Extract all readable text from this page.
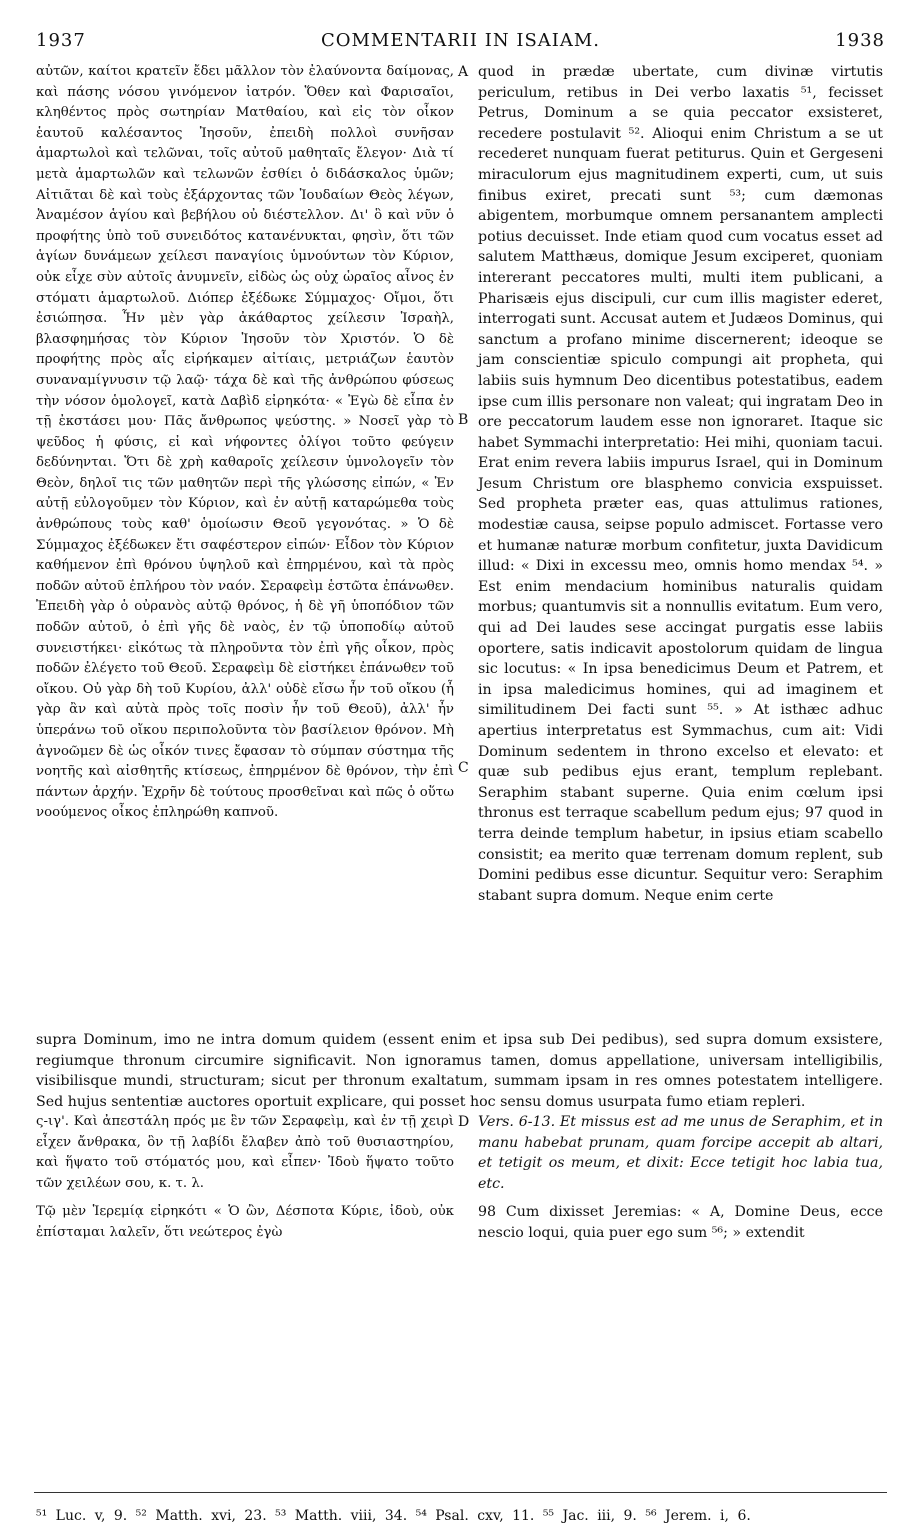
1937	COMMENTARII IN ISAIAM.	1938

αὐτῶν, καίτοι κρατεῖν ἔδει μᾶλλον τὸν ἐλαύνοντα δαίμονας, καὶ πάσης νόσου γινόμενον ἰατρόν. Ὅθεν καὶ Φαρισαῖοι, κληθέντος πρὸς σωτηρίαν Ματθαίου, καὶ εἰς τὸν οἶκον ἑαυτοῦ καλέσαντος Ἰησοῦν, ἐπειδὴ πολλοὶ συνῆσαν ἁμαρτωλοὶ καὶ τελῶναι, τοῖς αὐτοῦ μαθηταῖς ἔλεγον· Διὰ τί μετὰ ἁμαρτωλῶν καὶ τελωνῶν ἐσθίει ὁ διδάσκαλος ὑμῶν; Αἰτιᾶται δὲ καὶ τοὺς ἐξάρχοντας τῶν Ἰουδαίων Θεὸς λέγων, Ἀναμέσον ἁγίου καὶ βεβήλου οὐ διέστελλον. Δι' ὃ καὶ νῦν ὁ προφήτης ὑπὸ τοῦ συνειδότος κατανένυκται, φησὶν, ὅτι τῶν ἁγίων δυνάμεων χείλεσι παναγίοις ὑμνούντων τὸν Κύριον, οὐκ εἶχε σὺν αὐτοῖς ἀνυμνεῖν, εἰδὼς ὡς οὐχ ὡραῖος αἶνος ἐν στόματι ἁμαρτωλοῦ. Διόπερ ἐξέδωκε Σύμμαχος· Οἴμοι, ὅτι ἐσιώπησα. Ἦν μὲν γὰρ ἀκάθαρτος χείλεσιν Ἰσραὴλ, βλασφημήσας τὸν Κύριον Ἰησοῦν τὸν Χριστόν. Ὁ δὲ προφήτης πρὸς αἷς εἰρήκαμεν αἰτίαις, μετριάζων ἑαυτὸν συναναμίγνυσιν τῷ λαῷ· τάχα δὲ καὶ τῆς ἀνθρώπου φύσεως τὴν νόσον ὁμολογεῖ, κατὰ Δαβὶδ εἰρηκότα· « Ἐγὼ δὲ εἶπα ἐν τῇ ἐκστάσει μου· Πᾶς ἄνθρωπος ψεύστης. » Νοσεῖ γὰρ τὸ ψεῦδος ἡ φύσις, εἰ καὶ νήφοντες ὀλίγοι τοῦτο φεύγειν δεδύνηνται. Ὅτι δὲ χρὴ καθαροῖς χείλεσιν ὑμνολογεῖν τὸν Θεὸν, δηλοῖ τις τῶν μαθητῶν περὶ τῆς γλώσσης εἰπών, « Ἐν αὐτῇ εὐλογοῦμεν τὸν Κύριον, καὶ ἐν αὐτῇ καταρώμεθα τοὺς ἀνθρώπους τοὺς καθ' ὁμοίωσιν Θεοῦ γεγονότας. » Ὁ δὲ Σύμμαχος ἐξέδωκεν ἔτι σαφέστερον εἰπών· Εἶδον τὸν Κύριον καθήμενον ἐπὶ θρόνου ὑψηλοῦ καὶ ἐπηρμένου, καὶ τὰ πρὸς ποδῶν αὐτοῦ ἐπλήρου τὸν ναόν. Σεραφεὶμ ἑστῶτα ἐπάνωθεν. Ἐπειδὴ γὰρ ὁ οὐρανὸς αὐτῷ θρόνος, ἡ δὲ γῆ ὑποπόδιον τῶν ποδῶν αὐτοῦ, ὁ ἐπὶ γῆς δὲ ναὸς, ἐν τῷ ὑποποδίῳ αὐτοῦ συνειστήκει· εἰκότως τὰ πληροῦντα τὸν ἐπὶ γῆς οἶκον, πρὸς ποδῶν ἐλέγετο τοῦ Θεοῦ. Σεραφεὶμ δὲ εἱστήκει ἐπάνωθεν τοῦ οἴκου. Οὐ γὰρ δὴ τοῦ Κυρίου, ἀλλ' οὐδὲ εἴσω ἦν τοῦ οἴκου (ἦ γὰρ ἂν καὶ αὐτὰ πρὸς τοῖς ποσὶν ἦν τοῦ Θεοῦ), ἀλλ' ἦν ὑπεράνω τοῦ οἴκου περιπολοῦντα τὸν βασίλειον θρόνον. Μὴ ἀγνοῶμεν δὲ ὡς οἶκόν τινες ἔφασαν τὸ σύμπαν σύστημα τῆς νοητῆς καὶ αἰσθητῆς κτίσεως, ἐπηρμένον δὲ θρόνον, τὴν ἐπὶ πάντων ἀρχήν. Ἐχρῆν δὲ τούτους προσθεῖναι καὶ πῶς ὁ οὕτω νοούμενος οἶκος ἐπληρώθη καπνοῦ.

A
B
C
D

quod in prædæ ubertate, cum divinæ virtutis periculum, retibus in Dei verbo laxatis ⁵¹, fecisset Petrus, Dominum a se quia peccator exsisteret, recedere postulavit ⁵². Alioqui enim Christum a se ut recederet nunquam fuerat petiturus. Quin et Gergeseni miraculorum ejus magnitudinem experti, cum, ut suis finibus exiret, precati sunt ⁵³; cum dæmonas abigentem, morbumque omnem persanantem amplecti potius decuisset. Inde etiam quod cum vocatus esset ad salutem Matthæus, domique Jesum exciperet, quoniam intererant peccatores multi, multi item publicani, a Pharisæis ejus discipuli, cur cum illis magister ederet, interrogati sunt. Accusat autem et Judæos Dominus, qui sanctum a profano minime discernerent; ideoque se jam conscientiæ spiculo compungi ait propheta, qui labiis suis hymnum Deo dicentibus potestatibus, eadem ipse cum illis personare non valeat; qui ingratam Deo in ore peccatorum laudem esse non ignoraret. Itaque sic habet Symmachi interpretatio: Hei mihi, quoniam tacui. Erat enim revera labiis impurus Israel, qui in Dominum Jesum Christum ore blasphemo convicia exspuisset. Sed propheta præter eas, quas attulimus rationes, modestiæ causa, seipse populo admiscet. Fortasse vero et humanæ naturæ morbum confitetur, juxta Davidicum illud: « Dixi in excessu meo, omnis homo mendax ⁵⁴. » Est enim mendacium hominibus naturalis quidam morbus; quantumvis sit a nonnullis evitatum. Eum vero, qui ad Dei laudes sese accingat purgatis esse labiis oportere, satis indicavit apostolorum quidam de lingua sic locutus: « In ipsa benedicimus Deum et Patrem, et in ipsa maledicimus homines, qui ad imaginem et similitudinem Dei facti sunt ⁵⁵. » At isthæc adhuc apertius interpretatus est Symmachus, cum ait: Vidi Dominum sedentem in throno excelso et elevato: et quæ sub pedibus ejus erant, templum replebant. Seraphim stabant superne. Quia enim cœlum ipsi thronus est terraque scabellum pedum ejus; 97 quod in terra deinde templum habetur, in ipsius etiam scabello consistit; ea merito quæ terrenam domum replent, sub Domini pedibus esse dicuntur. Sequitur vero: Seraphim stabant supra domum. Neque enim certe

supra Dominum, imo ne intra domum quidem (essent enim et ipsa sub Dei pedibus), sed supra domum exsistere, regiumque thronum circumire significavit. Non ignoramus tamen, domus appellatione, universam intelligibilis, visibilisque mundi, structuram; sicut per thronum exaltatum, summam ipsam in res omnes potestatem intelligere. Sed hujus sententiæ auctores oportuit explicare, qui posset hoc sensu domus usurpata fumo etiam repleri.

ς-ιγ'. Καὶ ἀπεστάλη πρός με ἓν τῶν Σεραφεὶμ, καὶ ἐν τῇ χειρὶ εἶχεν ἄνθρακα, ὃν τῇ λαβίδι ἔλαβεν ἀπὸ τοῦ θυσιαστηρίου, καὶ ἥψατο τοῦ στόματός μου, καὶ εἶπεν· Ἰδοὺ ἥψατο τοῦτο τῶν χειλέων σου, κ. τ. λ.

Τῷ μὲν Ἱερεμίᾳ εἰρηκότι « Ὁ ὢν, Δέσποτα Κύριε, ἰδοὺ, οὐκ ἐπίσταμαι λαλεῖν, ὅτι νεώτερος ἐγὼ

Vers. 6-13. Et missus est ad me unus de Seraphim, et in manu habebat prunam, quam forcipe accepit ab altari, et tetigit os meum, et dixit: Ecce tetigit hoc labia tua, etc.

98 Cum dixisset Jeremias: « A, Domine Deus, ecce nescio loqui, quia puer ego sum ⁵⁶; » extendit

⁵¹ Luc. v, 9. ⁵² Matth. xvi, 23. ⁵³ Matth. viii, 34. ⁵⁴ Psal. cxv, 11. ⁵⁵ Jac. iii, 9. ⁵⁶ Jerem. i, 6.
